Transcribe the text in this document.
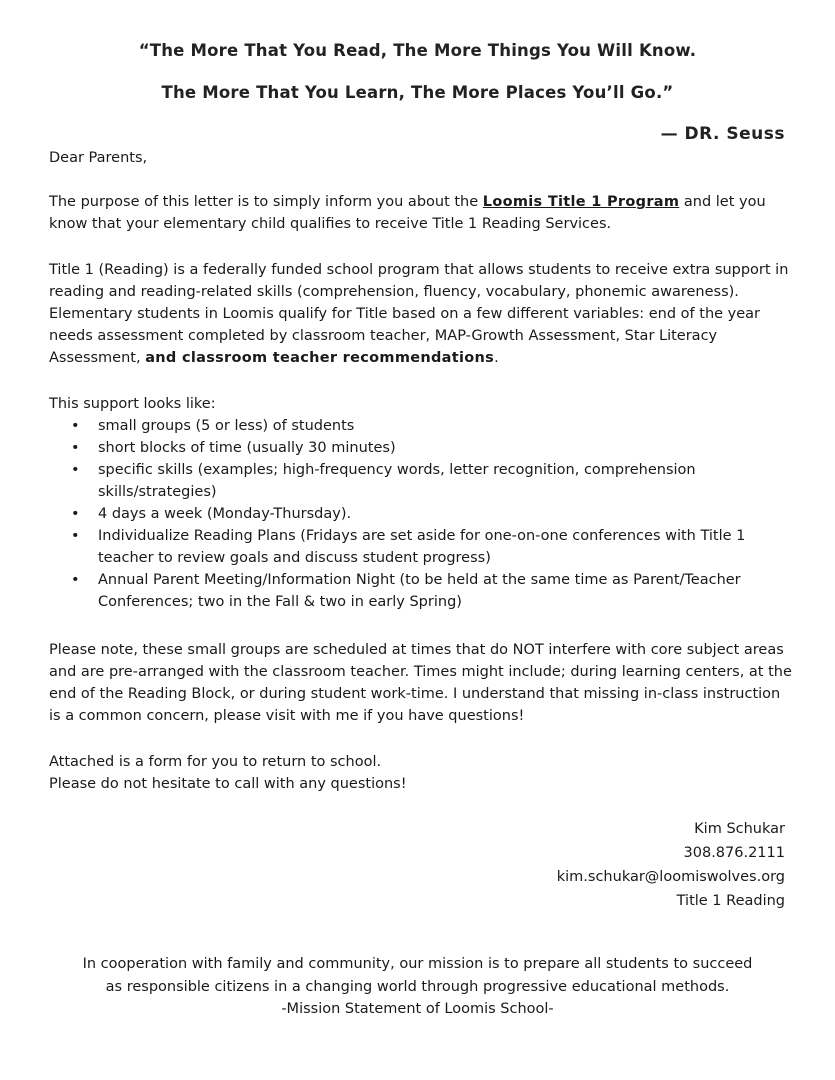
“The More That You Read, The More Things You Will Know.
The More That You Learn, The More Places You’ll Go.”
— DR. Seuss
Dear Parents,
The purpose of this letter is to simply inform you about the Loomis Title 1 Program and let you know that your elementary child qualifies to receive Title 1 Reading Services.
Title 1 (Reading) is a federally funded school program that allows students to receive extra support in reading and reading-related skills (comprehension, fluency, vocabulary, phonemic awareness). Elementary students in Loomis qualify for Title based on a few different variables: end of the year needs assessment completed by classroom teacher, MAP-Growth Assessment, Star Literacy Assessment, and classroom teacher recommendations.
This support looks like:
• small groups (5 or less) of students
• short blocks of time (usually 30 minutes)
• specific skills (examples; high-frequency words, letter recognition, comprehension skills/strategies)
• 4 days a week (Monday-Thursday).
• Individualize Reading Plans (Fridays are set aside for one-on-one conferences with Title 1 teacher to review goals and discuss student progress)
• Annual Parent Meeting/Information Night (to be held at the same time as Parent/Teacher Conferences; two in the Fall & two in early Spring)
Please note, these small groups are scheduled at times that do NOT interfere with core subject areas and are pre-arranged with the classroom teacher. Times might include; during learning centers, at the end of the Reading Block, or during student work-time. I understand that missing in-class instruction is a common concern, please visit with me if you have questions!
Attached is a form for you to return to school.
Please do not hesitate to call with any questions!
Kim Schukar
308.876.2111
kim.schukar@loomiswolves.org
Title 1 Reading
In cooperation with family and community, our mission is to prepare all students to succeed
as responsible citizens in a changing world through progressive educational methods.
-Mission Statement of Loomis School-
